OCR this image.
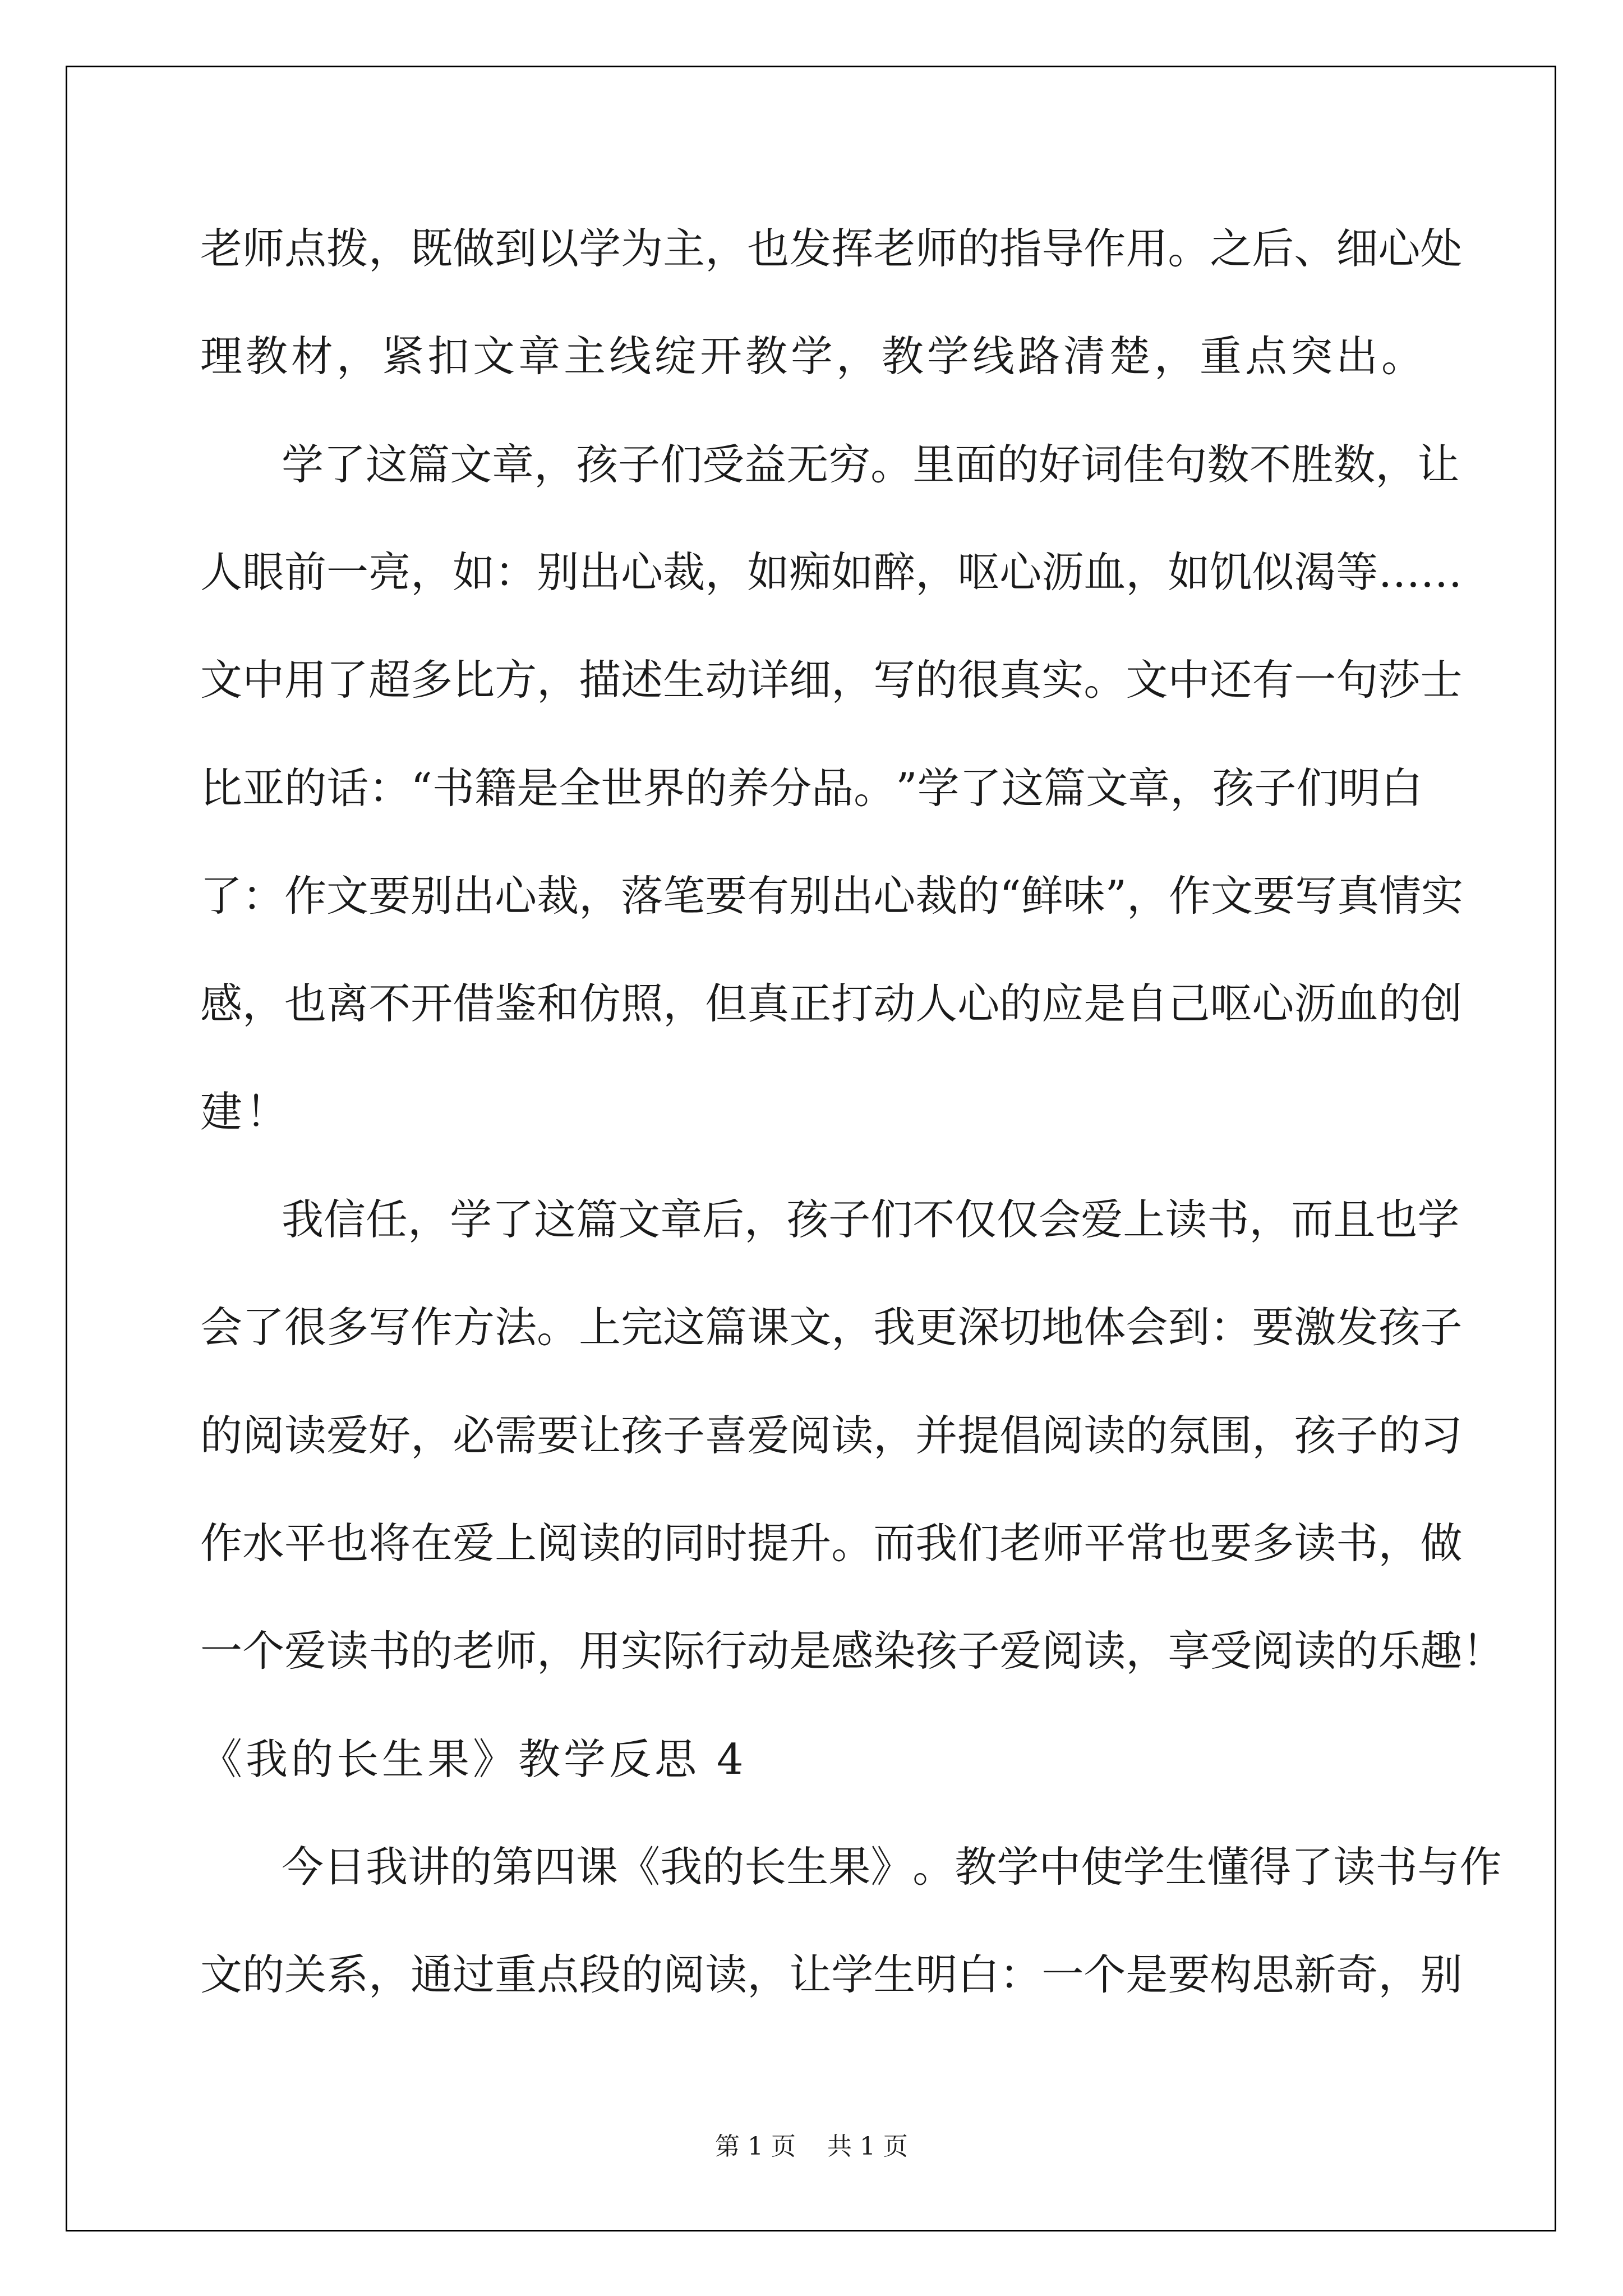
老 师 点 拨 ， 既 做 到 以 学 为 主 ， 也 发 挥 老 师 的 指 导 作 用 。 之 后 、 细 心 处
理教材，紧扣文章主线绽开教学，教学线路清楚，重点突出。
学 了 这 篇 文 章 ， 孩 子 们 受 益 无 穷 。 里 面 的 好 词 佳 句 数 不 胜 数 ， 让
人 眼 前 一 亮 ， 如 ： 别 出 心 裁 ， 如 痴 如 醉 ， 呕 心 沥 血 ， 如 饥 似 渴 等 … …
文 中 用 了 超 多 比 方 ， 描 述 生 动 详 细 ， 写 的 很 真 实 。 文 中 还 有 一 句 莎 士
比 亚 的 话 ： “ 书 籍 是 全 世 界 的 养 分 品 。 ” 学 了 这 篇 文 章 ， 孩 子 们 明 白
了 ： 作 文 要 别 出 心 裁 ， 落 笔 要 有 别 出 心 裁 的 “ 鲜 味 ” ， 作 文 要 写 真 情 实
感 ， 也 离 不 开 借 鉴 和 仿 照 ， 但 真 正 打 动 人 心 的 应 是 自 己 呕 心 沥 血 的 创
建！
我 信 任 ， 学 了 这 篇 文 章 后 ， 孩 子 们 不 仅 仅 会 爱 上 读 书 ， 而 且 也 学
会 了 很 多 写 作 方 法 。 上 完 这 篇 课 文 ， 我 更 深 切 地 体 会 到 ： 要 激 发 孩 子
的 阅 读 爱 好 ， 必 需 要 让 孩 子 喜 爱 阅 读 ， 并 提 倡 阅 读 的 氛 围 ， 孩 子 的 习
作 水 平 也 将 在 爱 上 阅 读 的 同 时 提 升 。 而 我 们 老 师 平 常 也 要 多 读 书 ， 做
一 个 爱 读 书 的 老 师 ， 用 实 际 行 动 是 感 染 孩 子 爱 阅 读 ， 享 受 阅 读 的 乐 趣 ！
《我的长生果》教学反思 4
今 日 我 讲 的 第 四 课 《 我 的 长 生 果 》 。 教 学 中 使 学 生 懂 得 了 读 书 与 作
文 的 关 系 ， 通 过 重 点 段 的 阅 读 ， 让 学 生 明 白 ： 一 个 是 要 构 思 新 奇 ， 别
第 1 页    共 1 页
